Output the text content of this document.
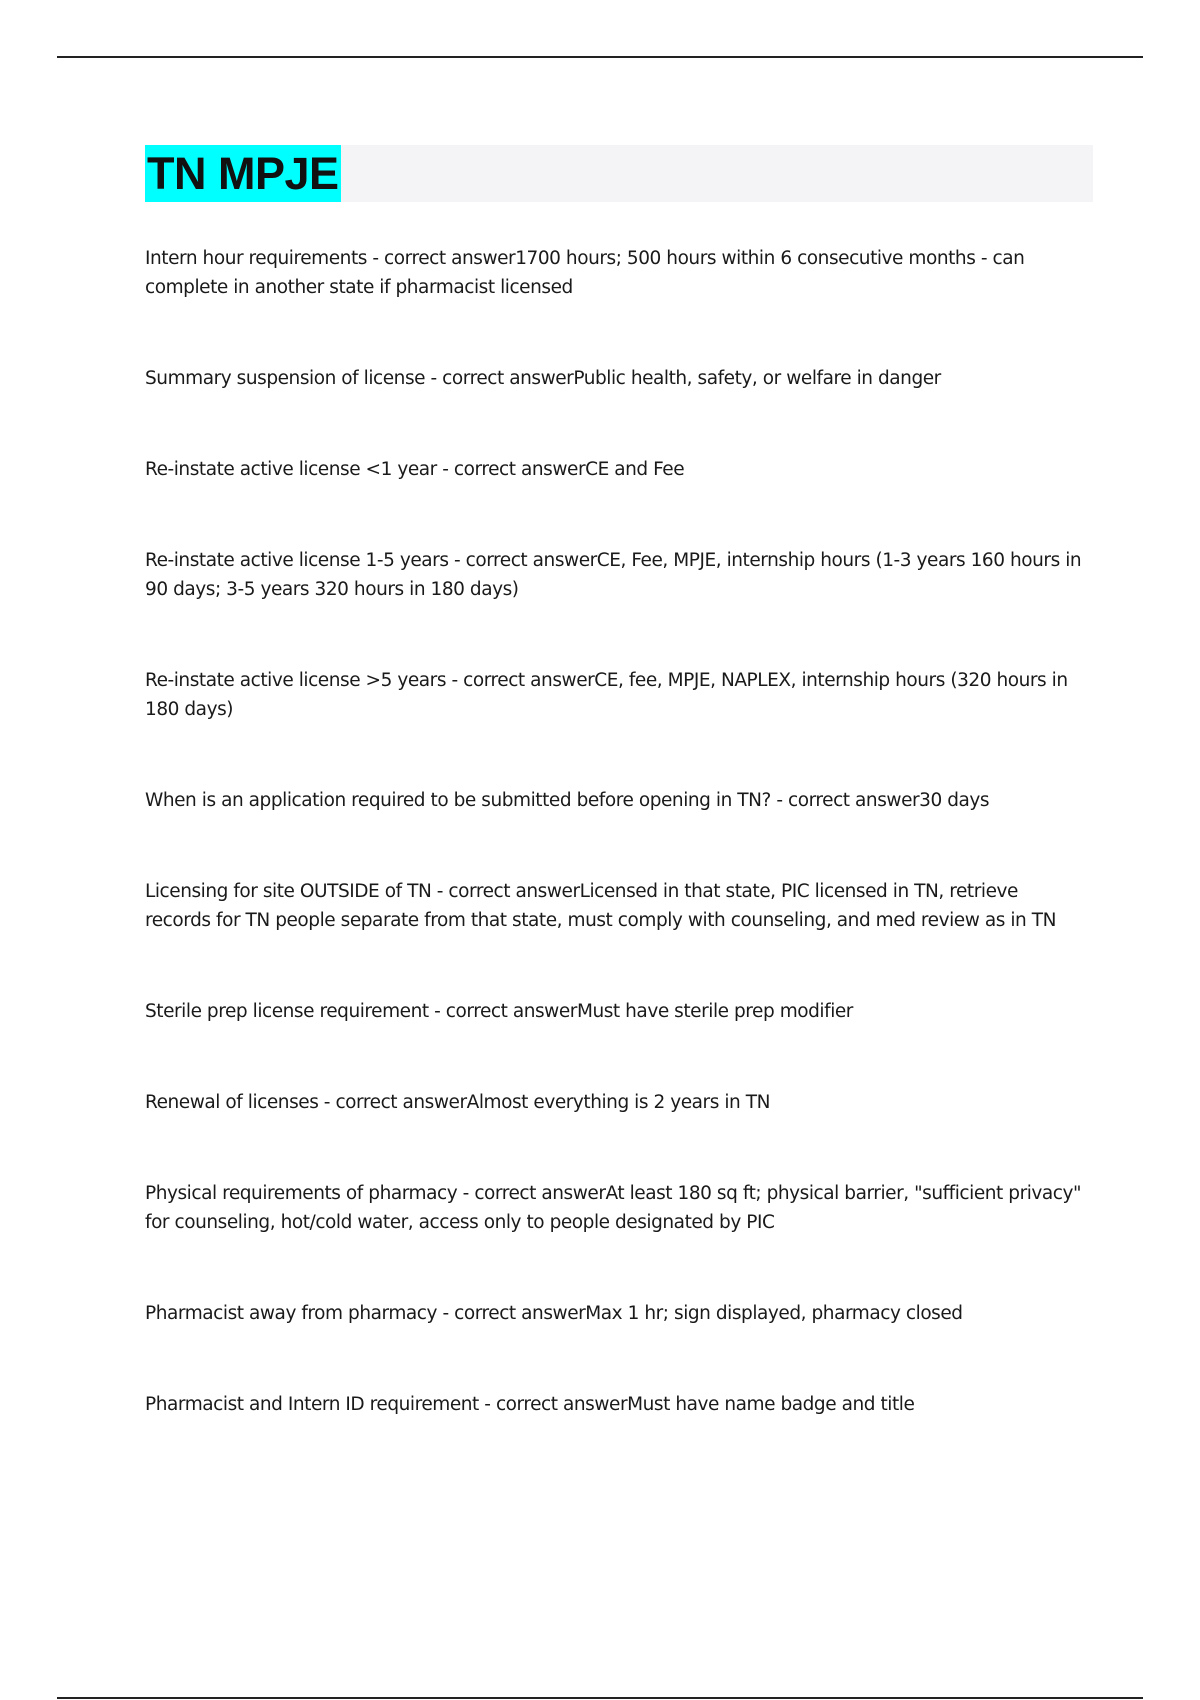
TN MPJE
Intern hour requirements - correct answer1700 hours; 500 hours within 6 consecutive months - can complete in another state if pharmacist licensed
Summary suspension of license - correct answerPublic health, safety, or welfare in danger
Re-instate active license <1 year - correct answerCE and Fee
Re-instate active license 1-5 years - correct answerCE, Fee, MPJE, internship hours (1-3 years 160 hours in 90 days; 3-5 years 320 hours in 180 days)
Re-instate active license >5 years - correct answerCE, fee, MPJE, NAPLEX, internship hours (320 hours in 180 days)
When is an application required to be submitted before opening in TN? - correct answer30 days
Licensing for site OUTSIDE of TN - correct answerLicensed in that state, PIC licensed in TN, retrieve records for TN people separate from that state, must comply with counseling, and med review as in TN
Sterile prep license requirement - correct answerMust have sterile prep modifier
Renewal of licenses - correct answerAlmost everything is 2 years in TN
Physical requirements of pharmacy - correct answerAt least 180 sq ft; physical barrier, "sufficient privacy" for counseling, hot/cold water, access only to people designated by PIC
Pharmacist away from pharmacy - correct answerMax 1 hr; sign displayed, pharmacy closed
Pharmacist and Intern ID requirement - correct answerMust have name badge and title
